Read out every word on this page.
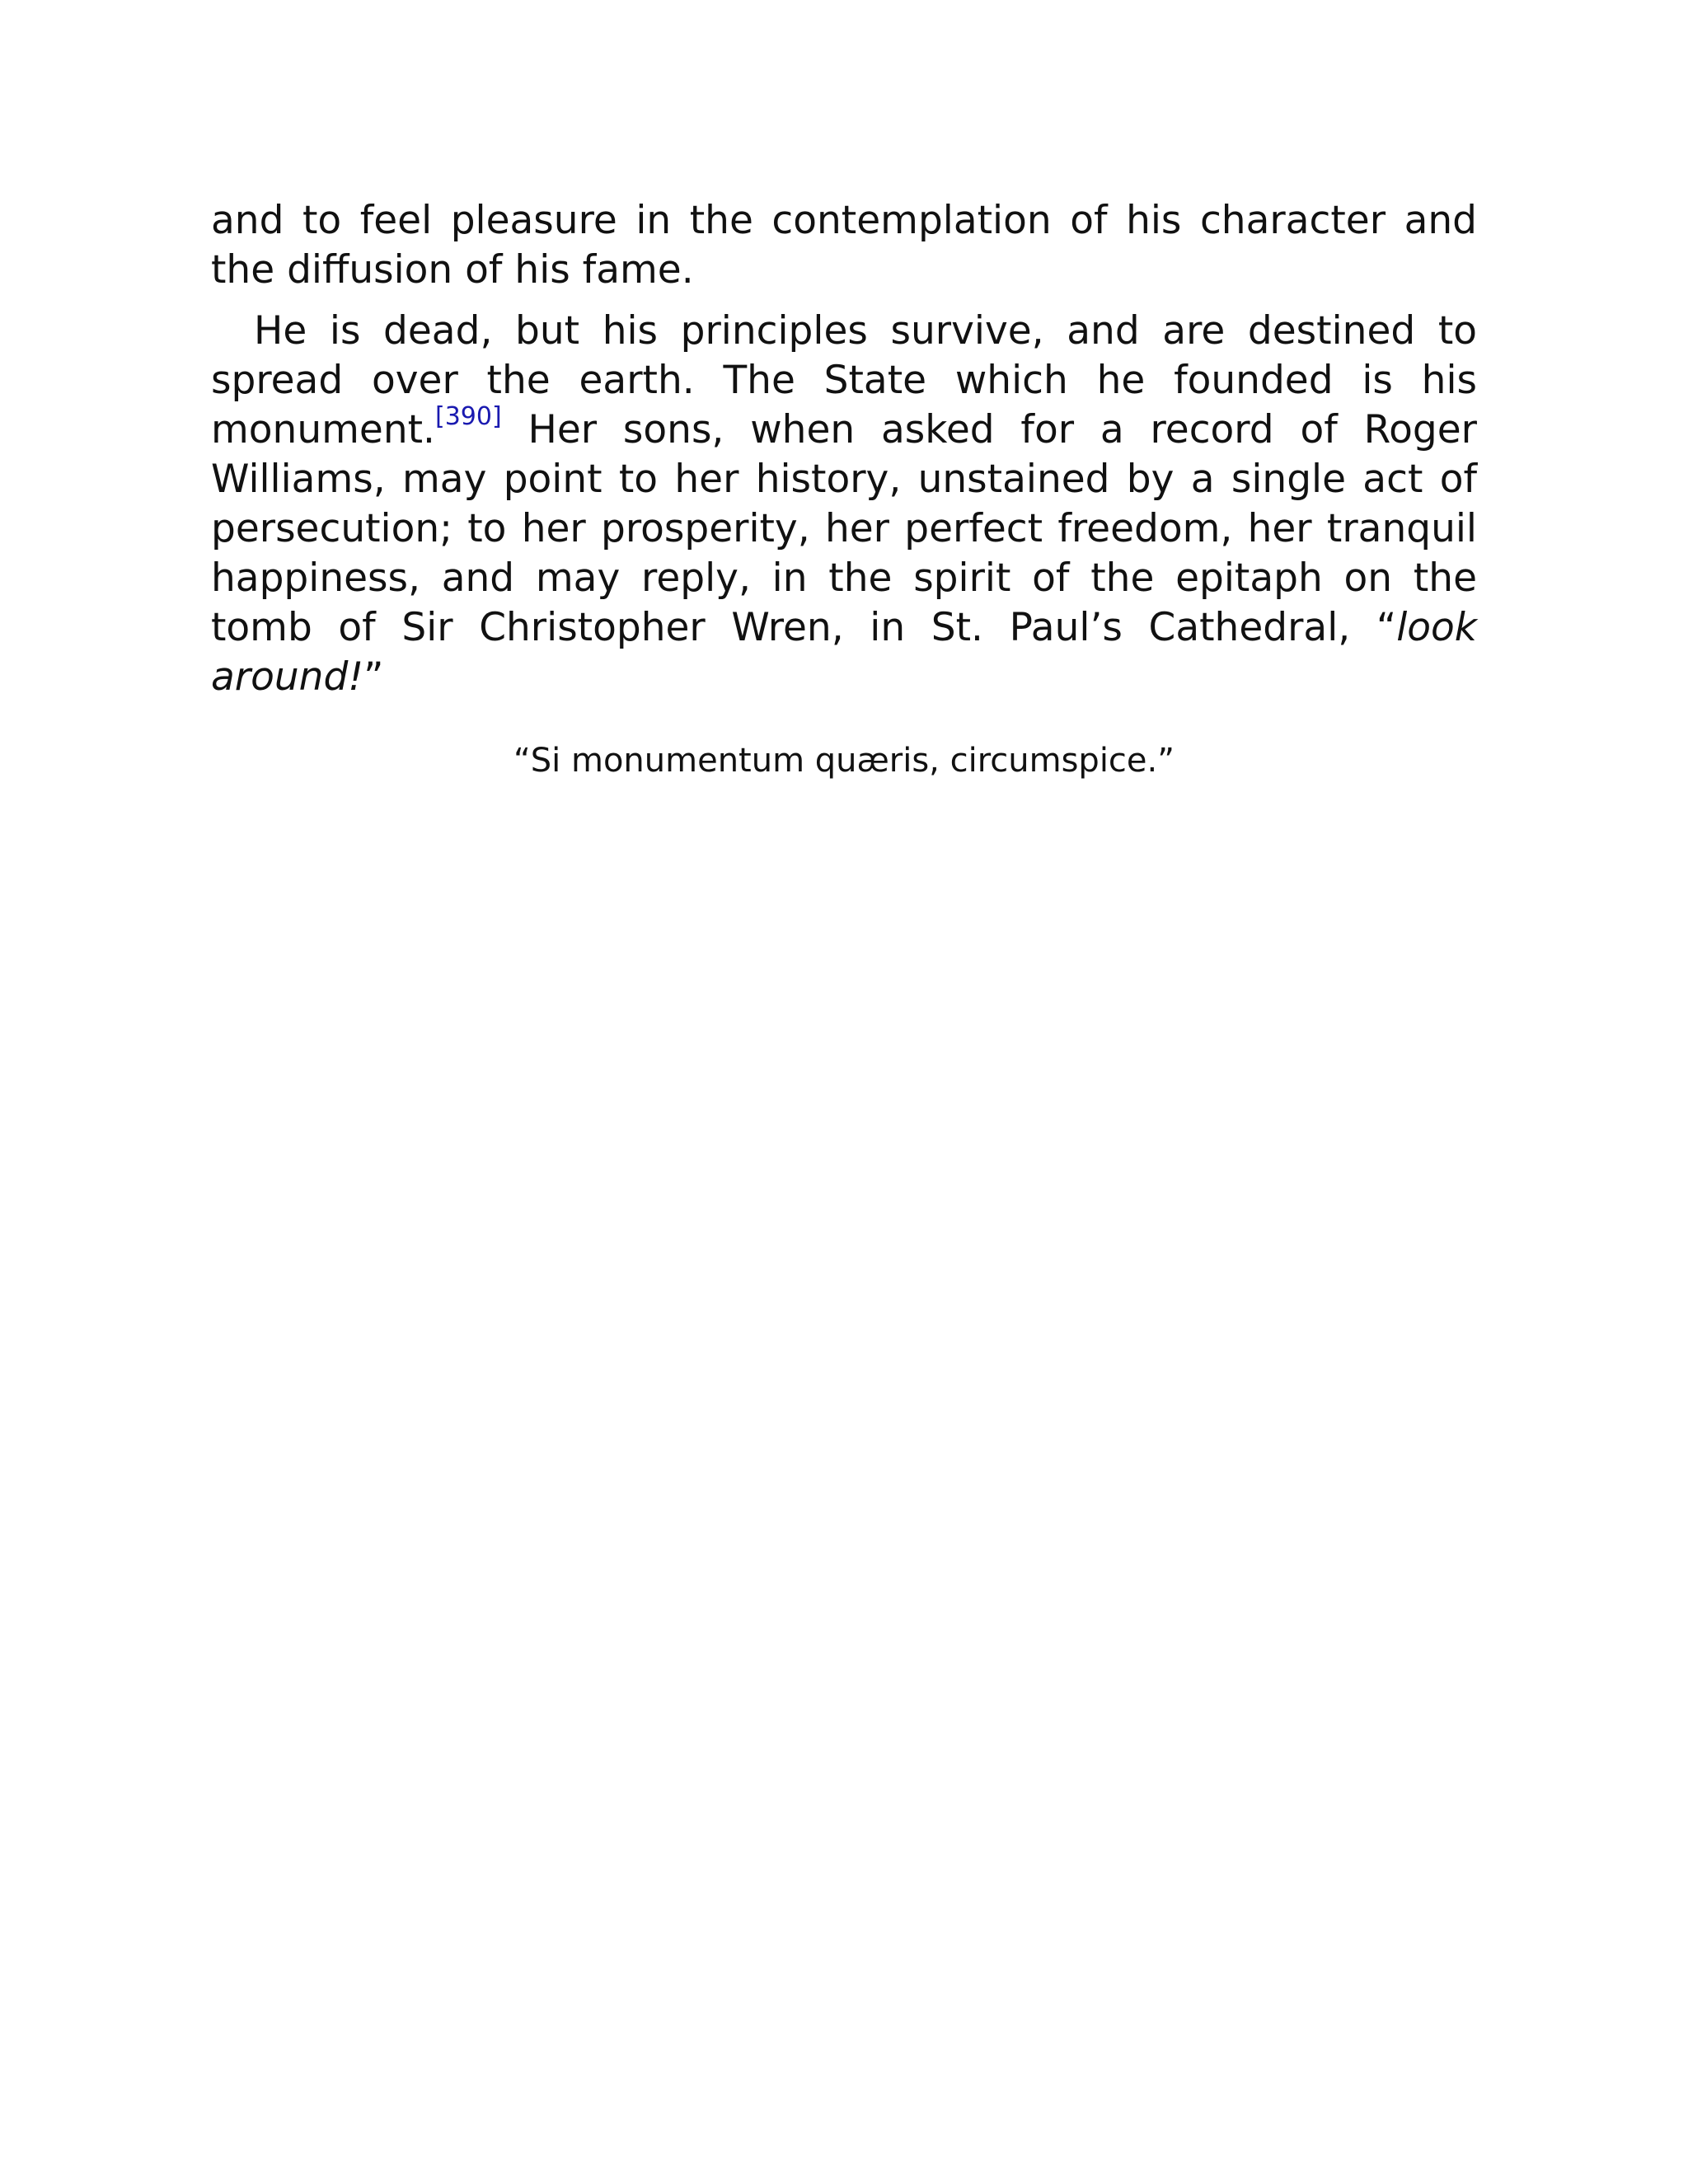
and to feel pleasure in the contemplation of his character and the diffusion of his fame.

He is dead, but his principles survive, and are destined to spread over the earth. The State which he founded is his monument.[390] Her sons, when asked for a record of Roger Williams, may point to her history, unstained by a single act of persecution; to her prosperity, her perfect freedom, her tranquil happiness, and may reply, in the spirit of the epitaph on the tomb of Sir Christopher Wren, in St. Paul’s Cathedral, “look around!”

“Si monumentum quæris, circumspice.”
